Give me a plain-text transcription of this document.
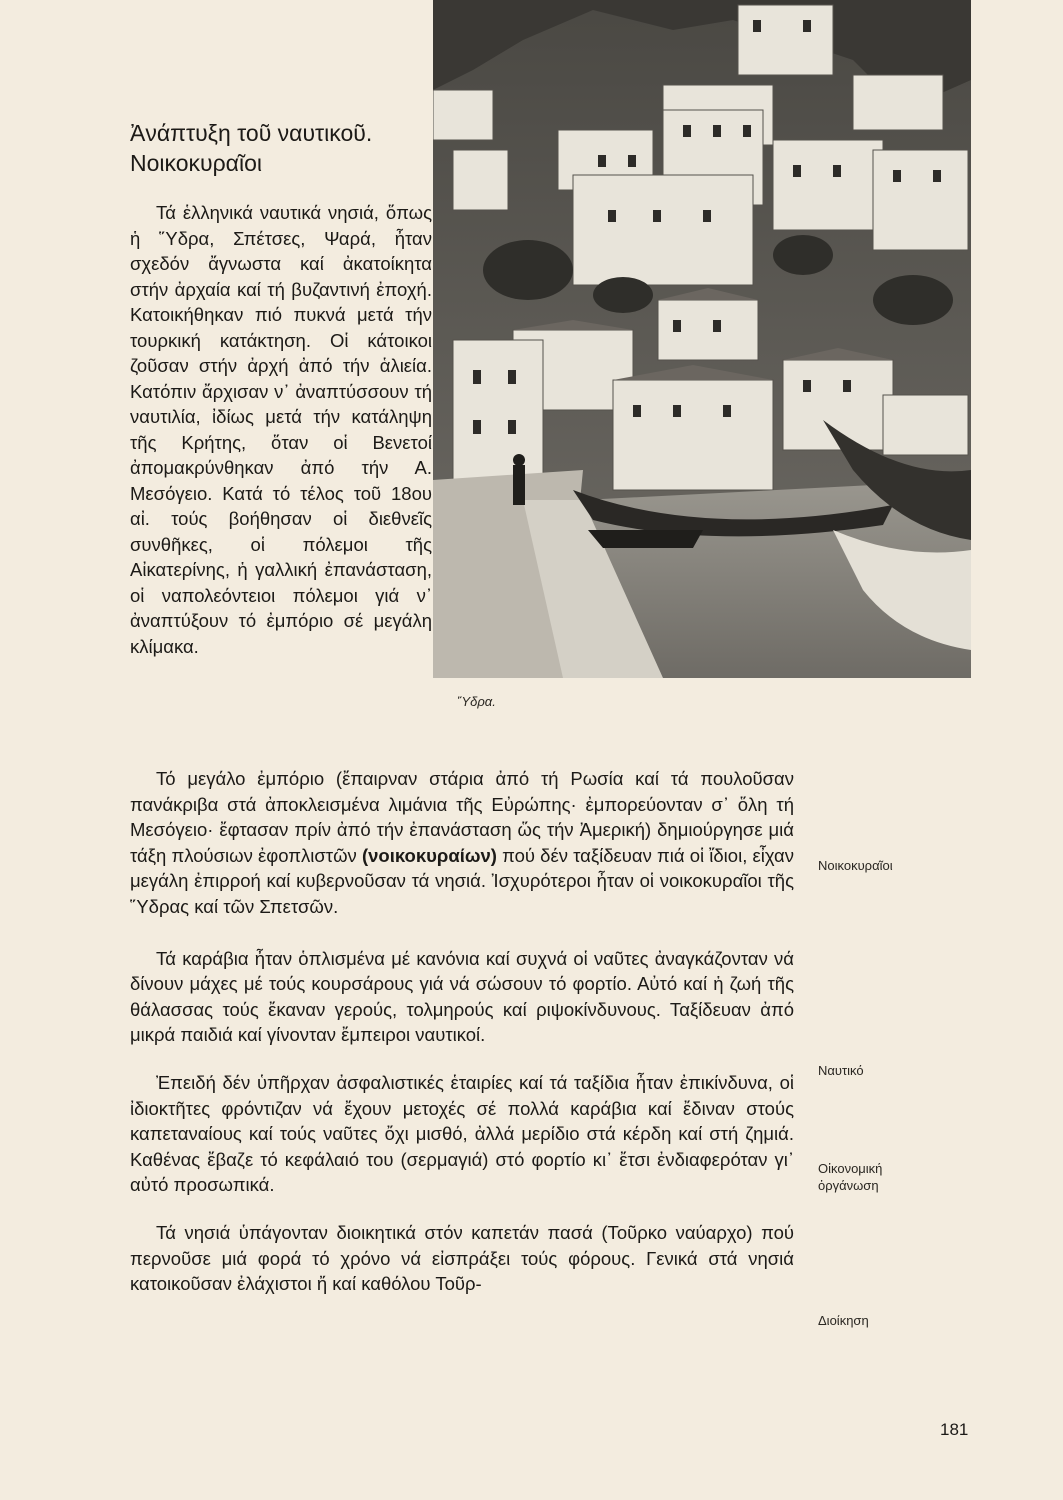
Ἀνάπτυξη τοῦ ναυτικοῦ.
Νοικοκυραῖοι

Τά ἑλληνικά ναυτικά νησιά, ὅπως ἡ Ὕδρα, Σπέτσες, Ψαρά, ἦταν σχεδόν ἄγνωστα καί ἀκατοίκητα στήν ἀρχαία καί τή βυζαντινή ἐποχή. Κατοικήθηκαν πιό πυκνά μετά τήν τουρκική κατάκτηση. Οἱ κάτοικοι ζοῦσαν στήν ἀρχή ἀπό τήν ἁλιεία. Κατόπιν ἄρχισαν ν᾽ ἀναπτύσσουν τή ναυτιλία, ἰδίως μετά τήν κατάληψη τῆς Κρήτης, ὅταν οἱ Βενετοί ἀπομακρύνθηκαν ἀπό τήν Α. Μεσόγειο. Κατά τό τέλος τοῦ 18ου αἰ. τούς βοήθησαν οἱ διεθνεῖς συνθῆκες, οἱ πόλεμοι τῆς Αἰκατερίνης, ἡ γαλλική ἐπανάσταση, οἱ ναπολεόντειοι πόλεμοι γιά ν᾽ ἀναπτύξουν τό ἐμπόριο σέ μεγάλη κλίμακα.

Ὕδρα.

Τό μεγάλο ἐμπόριο (ἔπαιρναν στάρια ἀπό τή Ρωσία καί τά πουλοῦσαν πανάκριβα στά ἀποκλεισμένα λιμάνια τῆς Εὐρώπης· ἐμπορεύονταν σ᾽ ὅλη τή Μεσόγειο· ἔφτασαν πρίν ἀπό τήν ἐπανάσταση ὥς τήν Ἀμερική) δημιούργησε μιά τάξη πλούσιων ἐφοπλιστῶν (νοικοκυραίων) πού δέν ταξίδευαν πιά οἱ ἴδιοι, εἶχαν μεγάλη ἐπιρροή καί κυβερνοῦσαν τά νησιά. Ἰσχυρότεροι ἦταν οἱ νοικοκυραῖοι τῆς Ὕδρας καί τῶν Σπετσῶν.

Τά καράβια ἦταν ὁπλισμένα μέ κανόνια καί συχνά οἱ ναῦτες ἀναγκάζονταν νά δίνουν μάχες μέ τούς κουρσάρους γιά νά σώσουν τό φορτίο. Αὐτό καί ἡ ζωή τῆς θάλασσας τούς ἔκαναν γερούς, τολμηρούς καί ριψοκίνδυνους. Ταξίδευαν ἀπό μικρά παιδιά καί γίνονταν ἔμπειροι ναυτικοί.

Ἐπειδή δέν ὑπῆρχαν ἀσφαλιστικές ἑταιρίες καί τά ταξίδια ἦταν ἐπικίνδυνα, οἱ ἰδιοκτῆτες φρόντιζαν νά ἔχουν μετοχές σέ πολλά καράβια καί ἔδιναν στούς καπεταναίους καί τούς ναῦτες ὄχι μισθό, ἀλλά μερίδιο στά κέρδη καί στή ζημιά. Καθένας ἔβαζε τό κεφάλαιό του (σερμαγιά) στό φορτίο κι᾽ ἔτσι ἐνδιαφερόταν γι᾽ αὐτό προσωπικά.

Τά νησιά ὑπάγονταν διοικητικά στόν καπετάν πασά (Τοῦρκο ναύαρχο) πού περνοῦσε μιά φορά τό χρόνο νά εἰσπράξει τούς φόρους. Γενικά στά νησιά κατοικοῦσαν ἐλάχιστοι ἤ καί καθόλου Τοῦρ-

Νοικοκυραῖοι
Ναυτικό
Οἰκονομική
ὀργάνωση
Διοίκηση
181
